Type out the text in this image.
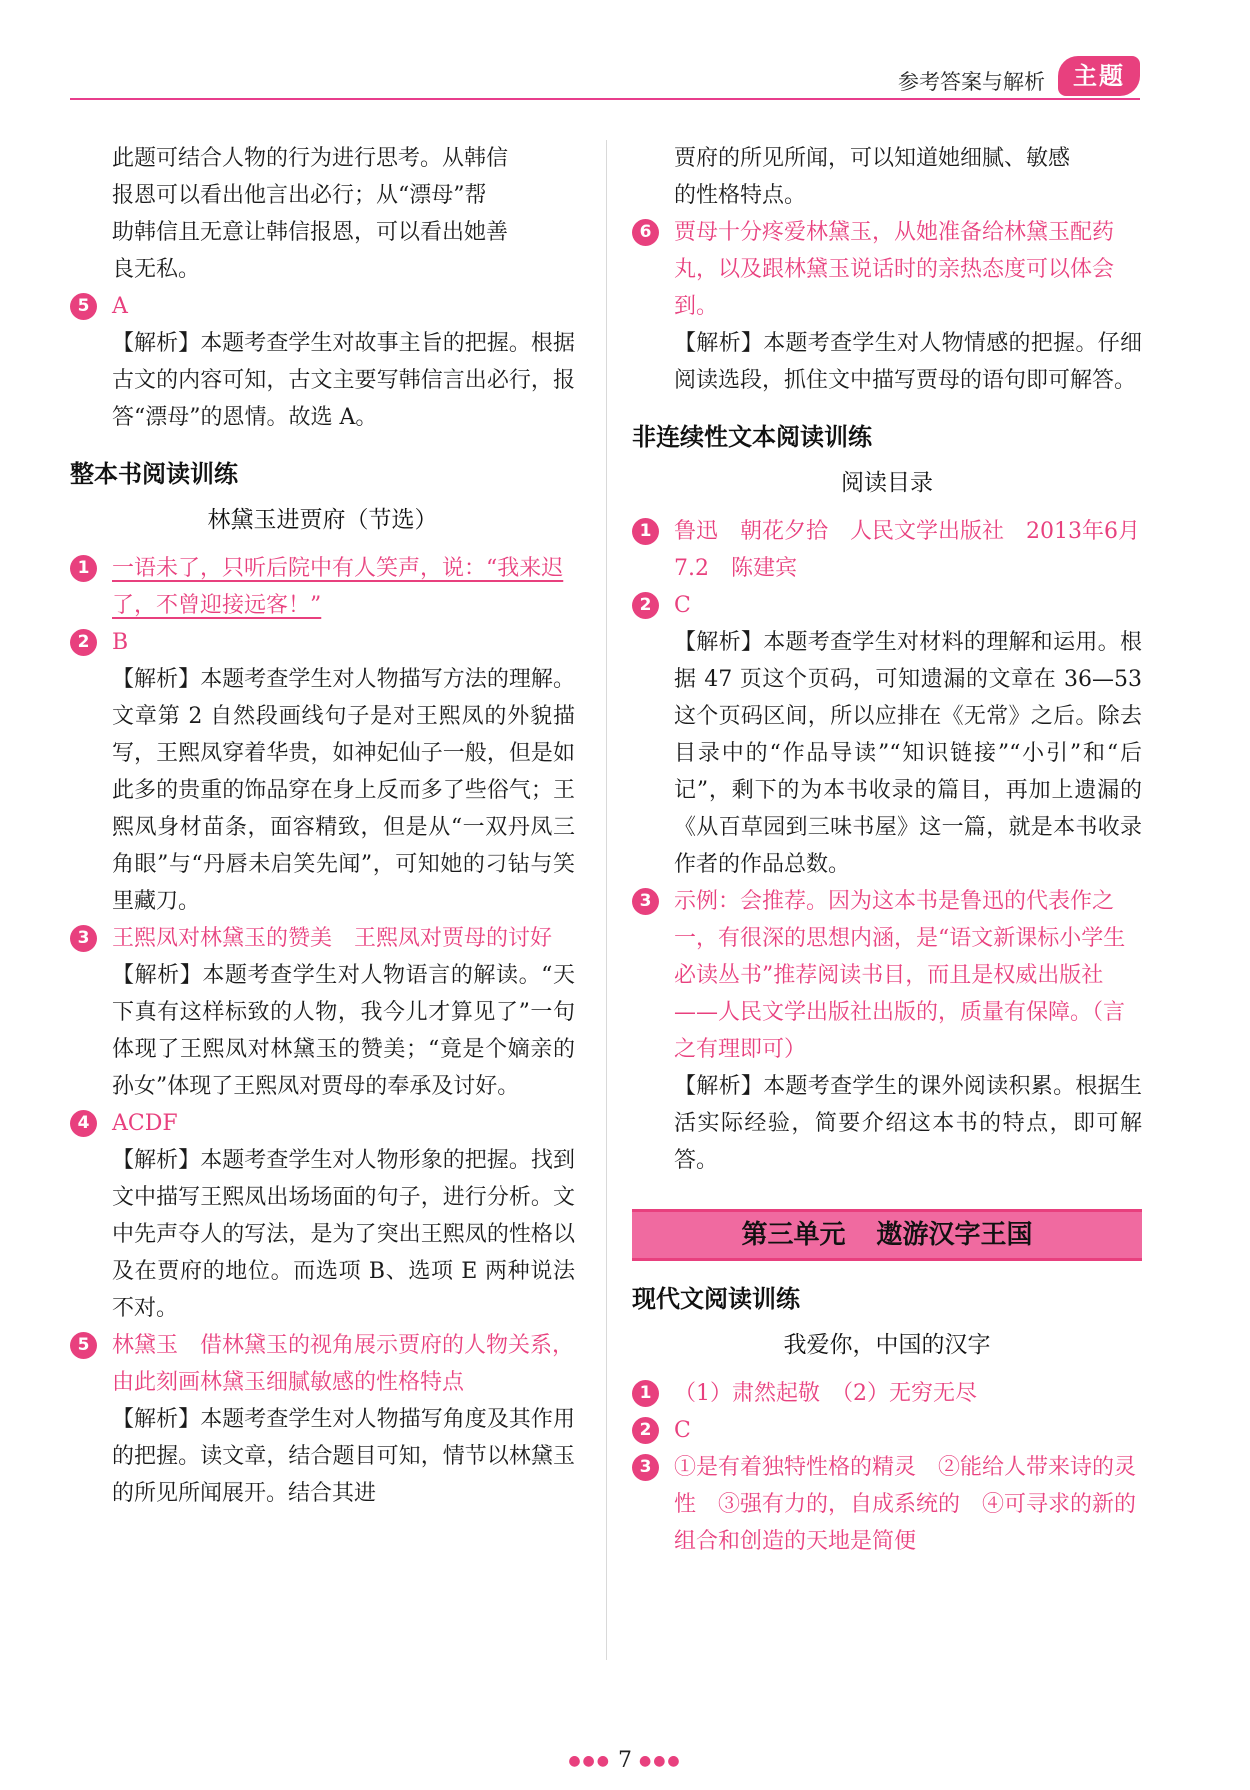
参考答案与解析	主题

此题可结合人物的行为进行思考。从韩信

报恩可以看出他言出必行；从“漂母”帮

助韩信且无意让韩信报恩，可以看出她善

良无私。

5	A

【解析】本题考查学生对故事主旨的把握。根据古文的内容可知，古文主要写韩信言出必行，报答“漂母”的恩情。故选 A。

整本书阅读训练
林黛玉进贾府（节选）
1	一语未了，只听后院中有人笑声，说：“我来迟了，不曾迎接远客！”

2	B

【解析】本题考查学生对人物描写方法的理解。文章第 2 自然段画线句子是对王熙凤的外貌描写，王熙凤穿着华贵，如神妃仙子一般，但是如此多的贵重的饰品穿在身上反而多了些俗气；王熙凤身材苗条，面容精致，但是从“一双丹凤三角眼”与“丹唇未启笑先闻”，可知她的刁钻与笑里藏刀。

3	王熙凤对林黛玉的赞美　王熙凤对贾母的讨好

【解析】本题考查学生对人物语言的解读。“天下真有这样标致的人物，我今儿才算见了”一句体现了王熙凤对林黛玉的赞美；“竟是个嫡亲的孙女”体现了王熙凤对贾母的奉承及讨好。

4	ACDF

【解析】本题考查学生对人物形象的把握。找到文中描写王熙凤出场场面的句子，进行分析。文中先声夺人的写法，是为了突出王熙凤的性格以及在贾府的地位。而选项 B、选项 E 两种说法不对。

5	林黛玉　借林黛玉的视角展示贾府的人物关系，由此刻画林黛玉细腻敏感的性格特点

【解析】本题考查学生对人物描写角度及其作用的把握。读文章，结合题目可知，情节以林黛玉的所见所闻展开。结合其进

贾府的所见所闻，可以知道她细腻、敏感

的性格特点。

6	贾母十分疼爱林黛玉，从她准备给林黛玉配药丸，以及跟林黛玉说话时的亲热态度可以体会到。

【解析】本题考查学生对人物情感的把握。仔细阅读选段，抓住文中描写贾母的语句即可解答。

非连续性文本阅读训练
阅读目录
1	鲁迅　朝花夕拾　人民文学出版社　2013年6月　7.2　陈建宾

2	C

【解析】本题考查学生对材料的理解和运用。根据 47 页这个页码，可知遗漏的文章在 36—53 这个页码区间，所以应排在《无常》之后。除去目录中的“作品导读”“知识链接”“小引”和“后记”，剩下的为本书收录的篇目，再加上遗漏的《从百草园到三味书屋》这一篇，就是本书收录作者的作品总数。

3	示例：会推荐。因为这本书是鲁迅的代表作之一，有很深的思想内涵，是“语文新课标小学生必读丛书”推荐阅读书目，而且是权威出版社——人民文学出版社出版的，质量有保障。（言之有理即可）

【解析】本题考查学生的课外阅读积累。根据生活实际经验，简要介绍这本书的特点，即可解答。

第三单元 遨游汉字王国
现代文阅读训练
我爱你，中国的汉字
1	（1）肃然起敬　（2）无穷无尽

2	C

3	①是有着独特性格的精灵　②能给人带来诗的灵性　③强有力的，自成系统的　④可寻求的新的组合和创造的天地是简便

●●● 7 ●●●
